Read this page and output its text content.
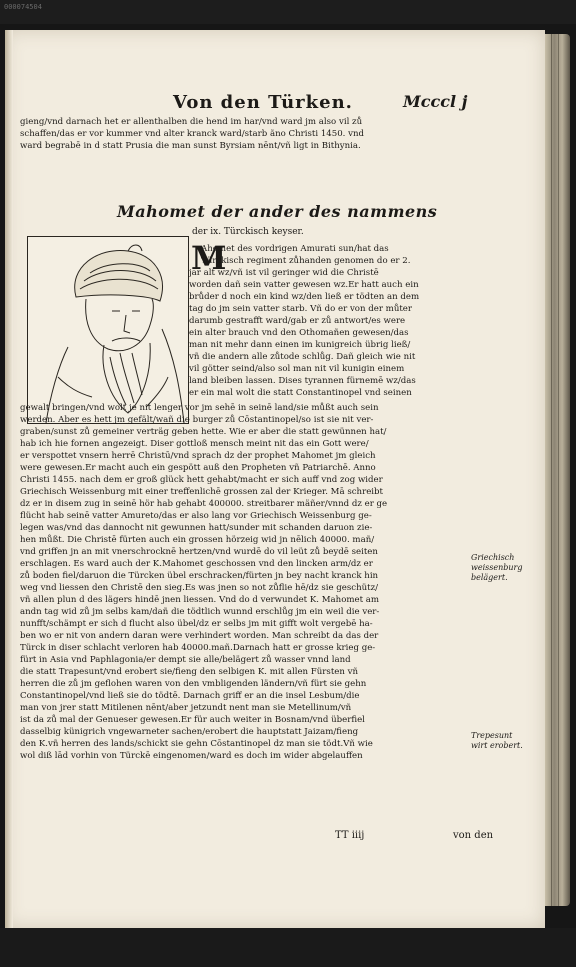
000074504
Von den Türken.	Mcccl j
gieng/vnd darnach het er allenthalben die hend im har/vnd ward jm also vil zů
schaffen/das er vor kummer vnd alter kranck ward/starb ãno Christi 1450. vnd
ward begrabē in d statt Prusia die man sunst Byrsiam nēnt/vñ ligt in Bithynia.
Mahomet der ander des nammens
der ix. Türckisch keyser.
M
Ahomet des vordrigen Amurati sun/hat das
Türckisch regiment zůhanden genomen do er 2.
jar alt wz/vñ ist vil geringer wid die Christē
worden dañ sein vatter gewesen wz.Er hatt auch ein
brůder d noch ein kind wz/den ließ er tödten an dem
tag do jm sein vatter starb. Vñ do er von der můter
darumb gestrafft ward/gab er zů antwort/es were
ein alter brauch vnd den Othomañen gewesen/das
man nit mehr dann einen im kunigreich übrig ließ/
vñ die andern alle zůtode schlůg. Dañ gleich wie nit
vil götter seind/also sol man nit vil kunigin einem
land bleiben lassen. Dises tyrannen fürnemē wz/das
er ein mal wolt die statt Constantinopel vnd seinen
gewalt bringen/vnd wolt je nit lenger vor jm sehē in seinē land/sie můßt auch sein
werden. Aber es hett jm gefält/wañ die burger zů Cōstantinopel/so ist sie nit ver-
graben/sunst zů gemeiner verträg geben hette. Wie er aber die statt gewünnen hat/
hab ich hie fornen angezeigt. Diser gottloß mensch meint nit das ein Gott were/
er verspottet vnsern herrē Christū/vnd sprach dz der prophet Mahomet jm gleich
were gewesen.Er macht auch ein gespött auß den Propheten vñ Patriarchē. Anno
Christi 1455. nach dem er groß glück hett gehabt/macht er sich auff vnd zog wider
Griechisch Weissenburg mit einer treffenlichē grossen zal der Krieger. Mā schreibt
dz er in disem zug in seinē hör hab gehabt 400000. streitbarer mäñer/vnnd dz er ge
flücht hab seinē vatter Amureto/das er also lang vor Griechisch Weissenburg ge-
legen was/vnd das dannocht nit gewunnen hatt/sunder mit schanden daruon zie-
hen můßt. Die Christē fürten auch ein grossen hörzeig wid jn nēlich 40000. mañ/
vnd griffen jn an mit vnerschrocknē hertzen/vnd wurdē do vil leüt zů beydē seiten
erschlagen. Es ward auch der K.Mahomet geschossen vnd den lincken arm/dz er
zů boden fiel/daruon die Türcken übel erschracken/fürten jn bey nacht kranck hin
weg vnd liessen den Christē den sieg.Es was jnen so not zůflie hē/dz sie geschütz/
vñ allen plun d des lägers hindē jnen liessen. Vnd do d verwundet K. Mahomet am
andn tag wid zů jm selbs kam/dañ die tödtlich wunnd erschlůg jm ein weil die ver-
nunfft/schämpt er sich d flucht also übel/dz er selbs jm mit gifft wolt vergebē ha-
ben wo er nit von andern daran were verhindert worden. Man schreibt da das der
Türck in diser schlacht verloren hab 40000.mañ.Darnach hatt er grosse krieg ge-
fürt in Asia vnd Paphlagonia/er dempt sie alle/belägert zů wasser vnnd land
die statt Trapesunt/vnd erobert sie/fieng den selbigen K. mit allen Fürsten vñ
herren die zů jm geflohen waren von den vmbligenden ländern/vñ fürt sie gehn
Constantinopel/vnd ließ sie do tödtē. Darnach griff er an die insel Lesbum/die
man von jrer statt Mitilenen nēnt/aber jetzundt nent man sie Metellinum/vñ
ist da zů mal der Genueser gewesen.Er für auch weiter in Bosnam/vnd überfiel
dasselbig künigrich vngewarneter sachen/erobert die hauptstatt Jaizam/fieng
den K.vñ herren des lands/schickt sie gehn Cōstantinopel dz man sie tödt.Vñ wie
wol diß lād vorhin von Türckē eingenomen/ward es doch im wider abgelauffen
Griechisch
weissenburg
belägert.
Trepesunt
wirt erobert.
TT iiij	von den
